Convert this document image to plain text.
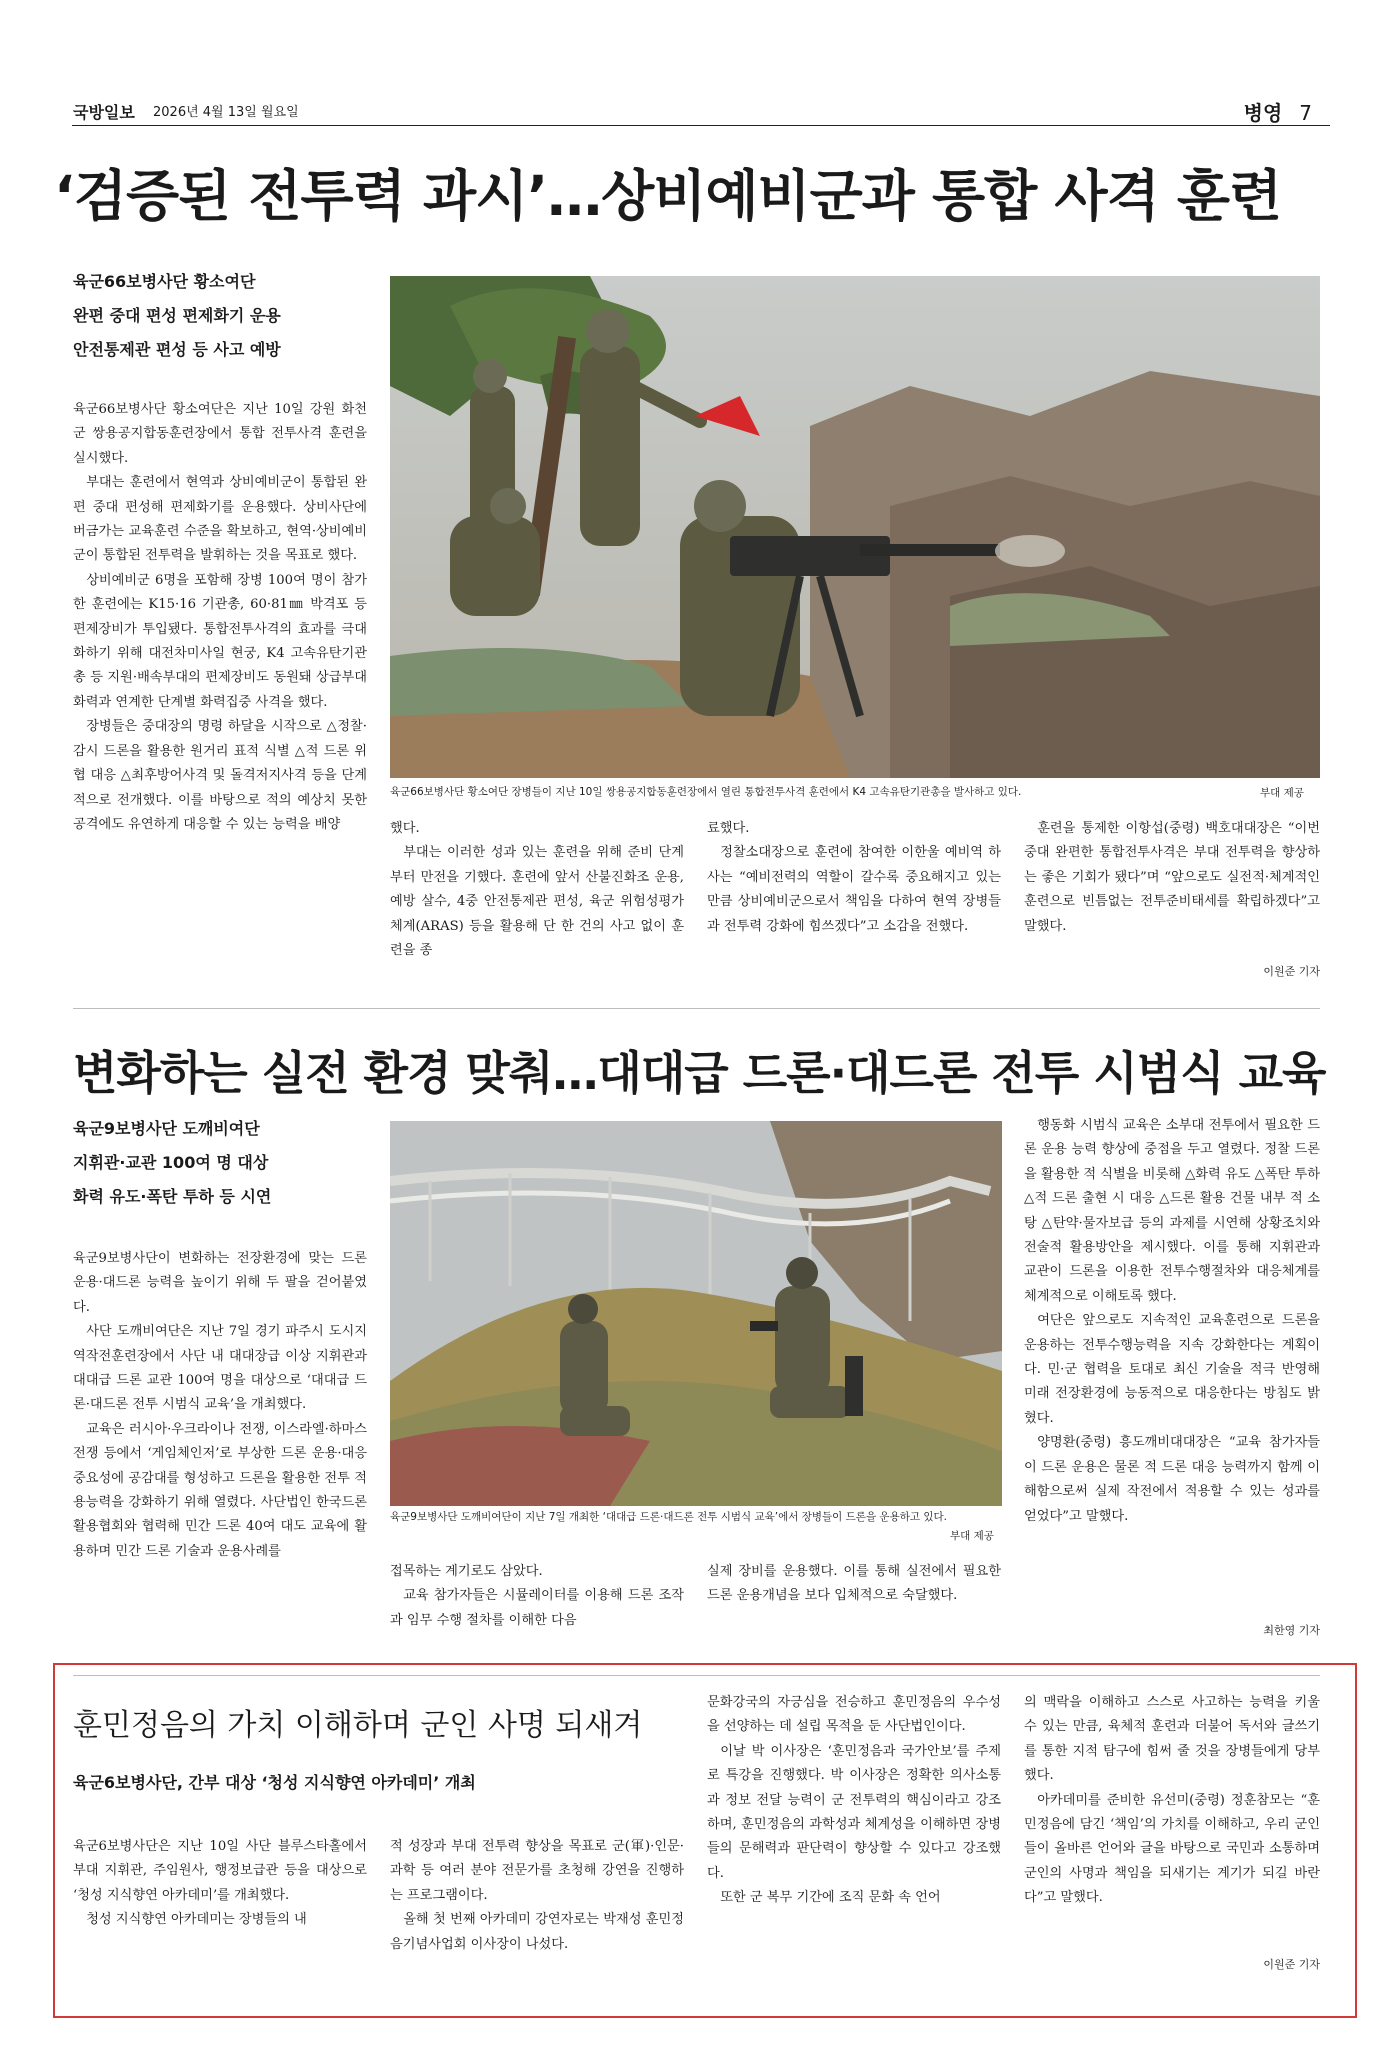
국방일보 2026년 4월 13일 월요일	병영 7
‘검증된 전투력 과시’…상비예비군과 통합 사격 훈련
육군66보병사단 황소여단
완편 중대 편성 편제화기 운용
안전통제관 편성 등 사고 예방

육군66보병사단 황소여단은 지난 10일 강원 화천군 쌍용공지합동훈련장에서 통합 전투사격 훈련을 실시했다.

부대는 훈련에서 현역과 상비예비군이 통합된 완편 중대 편성해 편제화기를 운용했다. 상비사단에 버금가는 교육훈련 수준을 확보하고, 현역·상비예비군이 통합된 전투력을 발휘하는 것을 목표로 했다.

상비예비군 6명을 포함해 장병 100여 명이 참가한 훈련에는 K15·16 기관총, 60·81㎜ 박격포 등 편제장비가 투입됐다. 통합전투사격의 효과를 극대화하기 위해 대전차미사일 현궁, K4 고속유탄기관총 등 지원·배속부대의 편제장비도 동원돼 상급부대 화력과 연계한 단계별 화력집중 사격을 했다.

장병들은 중대장의 명령 하달을 시작으로 △정찰·감시 드론을 활용한 원거리 표적 식별 △적 드론 위협 대응 △최후방어사격 및 돌격저지사격 등을 단계적으로 전개했다. 이를 바탕으로 적의 예상치 못한 공격에도 유연하게 대응할 수 있는 능력을 배양

육군66보병사단 황소여단 장병들이 지난 10일 쌍용공지합동훈련장에서 열린 통합전투사격 훈련에서 K4 고속유탄기관총을 발사하고 있다.	부대 제공

했다.

부대는 이러한 성과 있는 훈련을 위해 준비 단계부터 만전을 기했다. 훈련에 앞서 산불진화조 운용, 예방 살수, 4중 안전통제관 편성, 육군 위험성평가체계(ARAS) 등을 활용해 단 한 건의 사고 없이 훈련을 종

료했다.

정찰소대장으로 훈련에 참여한 이한울 예비역 하사는 “예비전력의 역할이 갈수록 중요해지고 있는 만큼 상비예비군으로서 책임을 다하여 현역 장병들과 전투력 강화에 힘쓰겠다”고 소감을 전했다.

훈련을 통제한 이항섭(중령) 백호대대장은 “이번 중대 완편한 통합전투사격은 부대 전투력을 향상하는 좋은 기회가 됐다”며 “앞으로도 실전적·체계적인 훈련으로 빈틈없는 전투준비태세를 확립하겠다”고 말했다.

이원준 기자
변화하는 실전 환경 맞춰…대대급 드론·대드론 전투 시범식 교육
육군9보병사단 도깨비여단
지휘관·교관 100여 명 대상
화력 유도·폭탄 투하 등 시연

육군9보병사단이 변화하는 전장환경에 맞는 드론 운용·대드론 능력을 높이기 위해 두 팔을 걷어붙였다.

사단 도깨비여단은 지난 7일 경기 파주시 도시지역작전훈련장에서 사단 내 대대장급 이상 지휘관과 대대급 드론 교관 100여 명을 대상으로 ‘대대급 드론·대드론 전투 시범식 교육’을 개최했다.

교육은 러시아·우크라이나 전쟁, 이스라엘·하마스 전쟁 등에서 ‘게임체인저’로 부상한 드론 운용·대응 중요성에 공감대를 형성하고 드론을 활용한 전투 적용능력을 강화하기 위해 열렸다. 사단법인 한국드론활용협회와 협력해 민간 드론 40여 대도 교육에 활용하며 민간 드론 기술과 운용사례를

육군9보병사단 도깨비여단이 지난 7일 개최한 ‘대대급 드론·대드론 전투 시범식 교육’에서 장병들이 드론을 운용하고 있다.
부대 제공

접목하는 계기로도 삼았다.

교육 참가자들은 시뮬레이터를 이용해 드론 조작과 임무 수행 절차를 이해한 다음

실제 장비를 운용했다. 이를 통해 실전에서 필요한 드론 운용개념을 보다 입체적으로 숙달했다.

행동화 시범식 교육은 소부대 전투에서 필요한 드론 운용 능력 향상에 중점을 두고 열렸다. 정찰 드론을 활용한 적 식별을 비롯해 △화력 유도 △폭탄 투하 △적 드론 출현 시 대응 △드론 활용 건물 내부 적 소탕 △탄약·물자보급 등의 과제를 시연해 상황조치와 전술적 활용방안을 제시했다. 이를 통해 지휘관과 교관이 드론을 이용한 전투수행절차와 대응체계를 체계적으로 이해토록 했다.

여단은 앞으로도 지속적인 교육훈련으로 드론을 운용하는 전투수행능력을 지속 강화한다는 계획이다. 민·군 협력을 토대로 최신 기술을 적극 반영해 미래 전장환경에 능동적으로 대응한다는 방침도 밝혔다.

양명환(중령) 흥도깨비대대장은 “교육 참가자들이 드론 운용은 물론 적 드론 대응 능력까지 함께 이해함으로써 실제 작전에서 적용할 수 있는 성과를 얻었다”고 말했다.

최한영 기자
훈민정음의 가치 이해하며 군인 사명 되새겨
육군6보병사단, 간부 대상 ‘청성 지식향연 아카데미’ 개최

육군6보병사단은 지난 10일 사단 블루스타홀에서 부대 지휘관, 주임원사, 행정보급관 등을 대상으로 ‘청성 지식향연 아카데미’를 개최했다.

청성 지식향연 아카데미는 장병들의 내

적 성장과 부대 전투력 향상을 목표로 군(軍)·인문·과학 등 여러 분야 전문가를 초청해 강연을 진행하는 프로그램이다.

올해 첫 번째 아카데미 강연자로는 박재성 훈민정음기념사업회 이사장이 나섰다.

문화강국의 자긍심을 전승하고 훈민정음의 우수성을 선양하는 데 설립 목적을 둔 사단법인이다.

이날 박 이사장은 ‘훈민정음과 국가안보’를 주제로 특강을 진행했다. 박 이사장은 정확한 의사소통과 정보 전달 능력이 군 전투력의 핵심이라고 강조하며, 훈민정음의 과학성과 체계성을 이해하면 장병들의 문해력과 판단력이 향상할 수 있다고 강조했다.

또한 군 복무 기간에 조직 문화 속 언어

의 맥락을 이해하고 스스로 사고하는 능력을 키울 수 있는 만큼, 육체적 훈련과 더불어 독서와 글쓰기를 통한 지적 탐구에 힘써 줄 것을 장병들에게 당부했다.

아카데미를 준비한 유선미(중령) 정훈참모는 “훈민정음에 담긴 ‘책임’의 가치를 이해하고, 우리 군인들이 올바른 언어와 글을 바탕으로 국민과 소통하며 군인의 사명과 책임을 되새기는 계기가 되길 바란다”고 말했다.

이원준 기자
